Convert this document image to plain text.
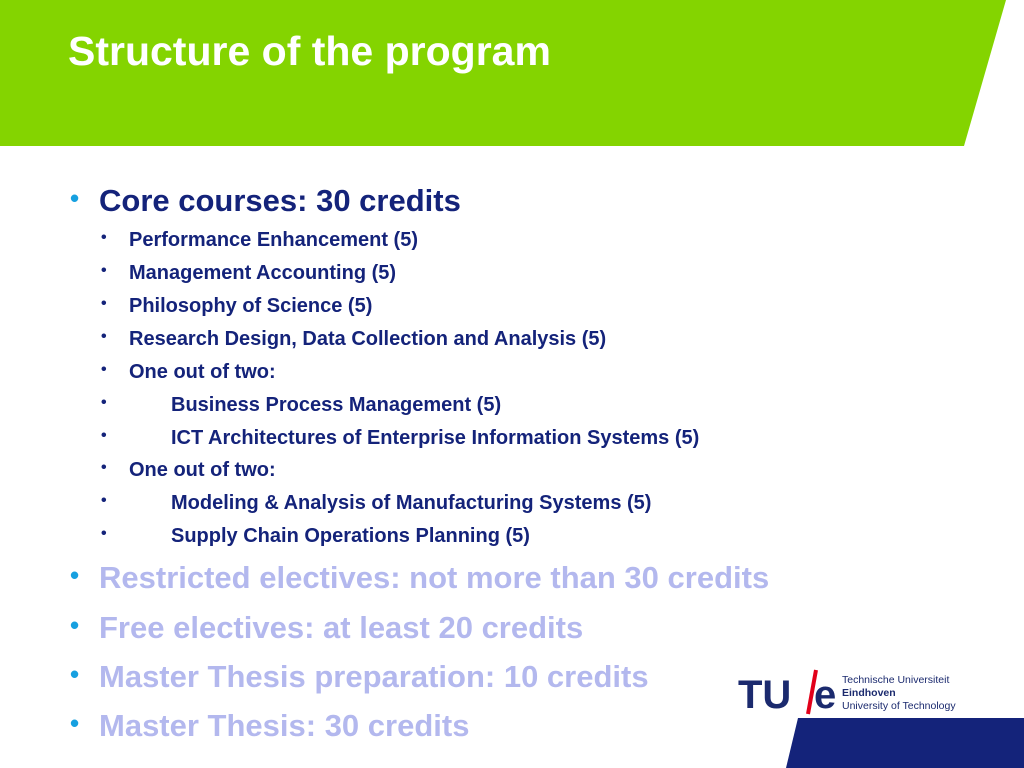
Structure of the program
• Core courses: 30 credits
• Performance Enhancement (5)
• Management Accounting (5)
• Philosophy of Science (5)
• Research Design, Data Collection and Analysis (5)
• One out of two:
•	Business Process Management (5)
•	ICT Architectures of Enterprise Information Systems (5)
• One out of two:
•	Modeling & Analysis of Manufacturing Systems (5)
•	Supply Chain Operations Planning (5)
• Restricted electives: not more than 30 credits
• Free electives: at least 20 credits
• Master Thesis preparation: 10 credits
• Master Thesis: 30 credits
TU e Technische Universiteit
Eindhoven
University of Technology
